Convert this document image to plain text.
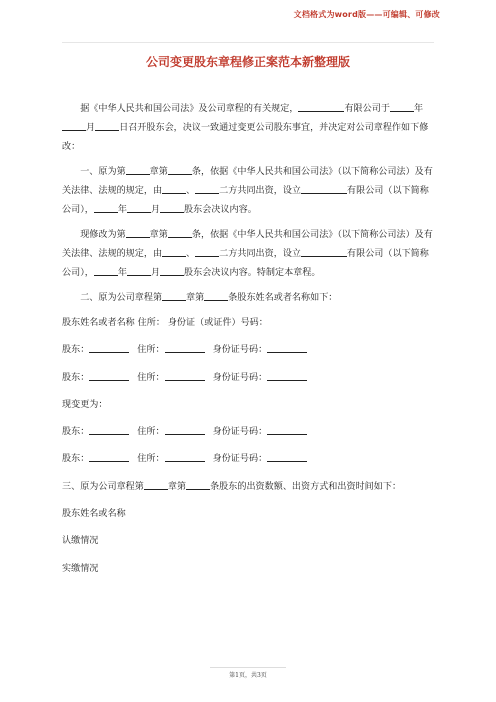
文档格式为word版——可编辑、可修改
公司变更股东章程修正案范本新整理版

据《中华人民共和国公司法》及公司章程的有关规定，	有限公司于	年月	日召开股东会，决议一致通过变更公司股东事宜，并决定对公司章程作如下修改：

一、原为第	章第	条，依据《中华人民共和国公司法》（以下简称公司法）及有关法律、法规的规定，由	、	二方共同出资，设立	有限公司（以下简称公司），	年	月	股东会决议内容。

现修改为第	章第	条，依据《中华人民共和国公司法》（以下简称公司法）及有关法律、法规的规定，由	、	二方共同出资，设立	有限公司（以下简称公司），	年	月	股东会决议内容。特制定本章程。

二、原为公司章程第	章第	条股东姓名或者名称如下：

股东姓名或者名称 住所： 身份证（或证件）号码：

股东：	住所：	身份证号码：

股东：	住所：	身份证号码：

现变更为：

股东：	住所：	身份证号码：

股东：	住所：	身份证号码：

三、原为公司章程第	章第	条股东的出资数额、出资方式和出资时间如下：

股东姓名或名称

认缴情况

实缴情况

第1页，共3页
